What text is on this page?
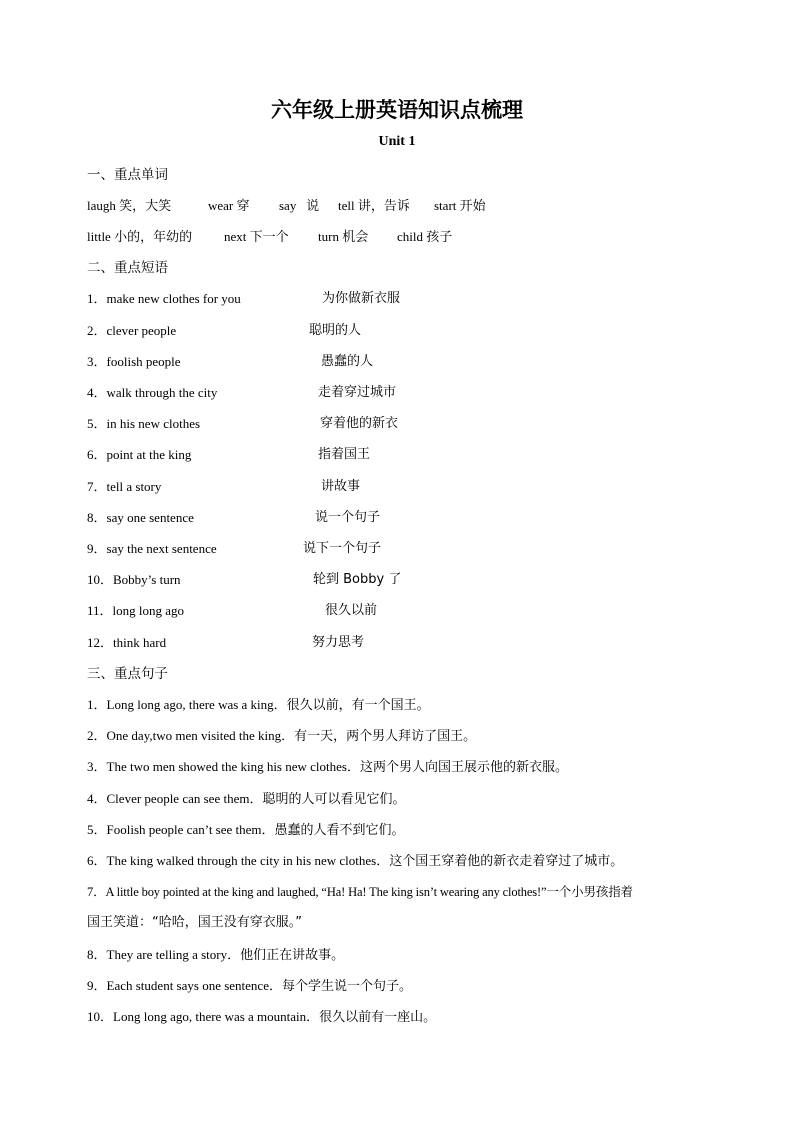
六年级上册英语知识点梳理
Unit 1
一、重点单词
laugh 笑，大笑	wear 穿 say 说 tell 讲，告诉 start 开始
little 小的，年幼的 next 下一个 turn 机会 child 孩子
二、重点短语
1．make new clothes for you	为你做新衣服
2．clever people	聪明的人
3．foolish people	愚蠢的人
4．walk through the city	走着穿过城市
5．in his new clothes	穿着他的新衣
6．point at the king	指着国王
7．tell a story	讲故事
8．say one sentence	说一个句子
9．say the next sentence	说下一个句子
10．Bobby’s turn	轮到 Bobby 了
11．long long ago	很久以前
12．think hard	努力思考
三、重点句子
1．Long long ago, there was a king．很久以前，有一个国王。
2．One day,two men visited the king．有一天，两个男人拜访了国王。
3．The two men showed the king his new clothes．这两个男人向国王展示他的新衣服。
4．Clever people can see them．聪明的人可以看见它们。
5．Foolish people can’t see them．愚蠢的人看不到它们。
6．The king walked through the city in his new clothes．这个国王穿着他的新衣走着穿过了城市。
7．A little boy pointed at the king and laughed, “Ha! Ha! The king isn’t wearing any clothes!”一个小男孩指着
国王笑道：“哈哈，国王没有穿衣服。”
8．They are telling a story．他们正在讲故事。
9．Each student says one sentence．每个学生说一个句子。
10．Long long ago, there was a mountain．很久以前有一座山。
